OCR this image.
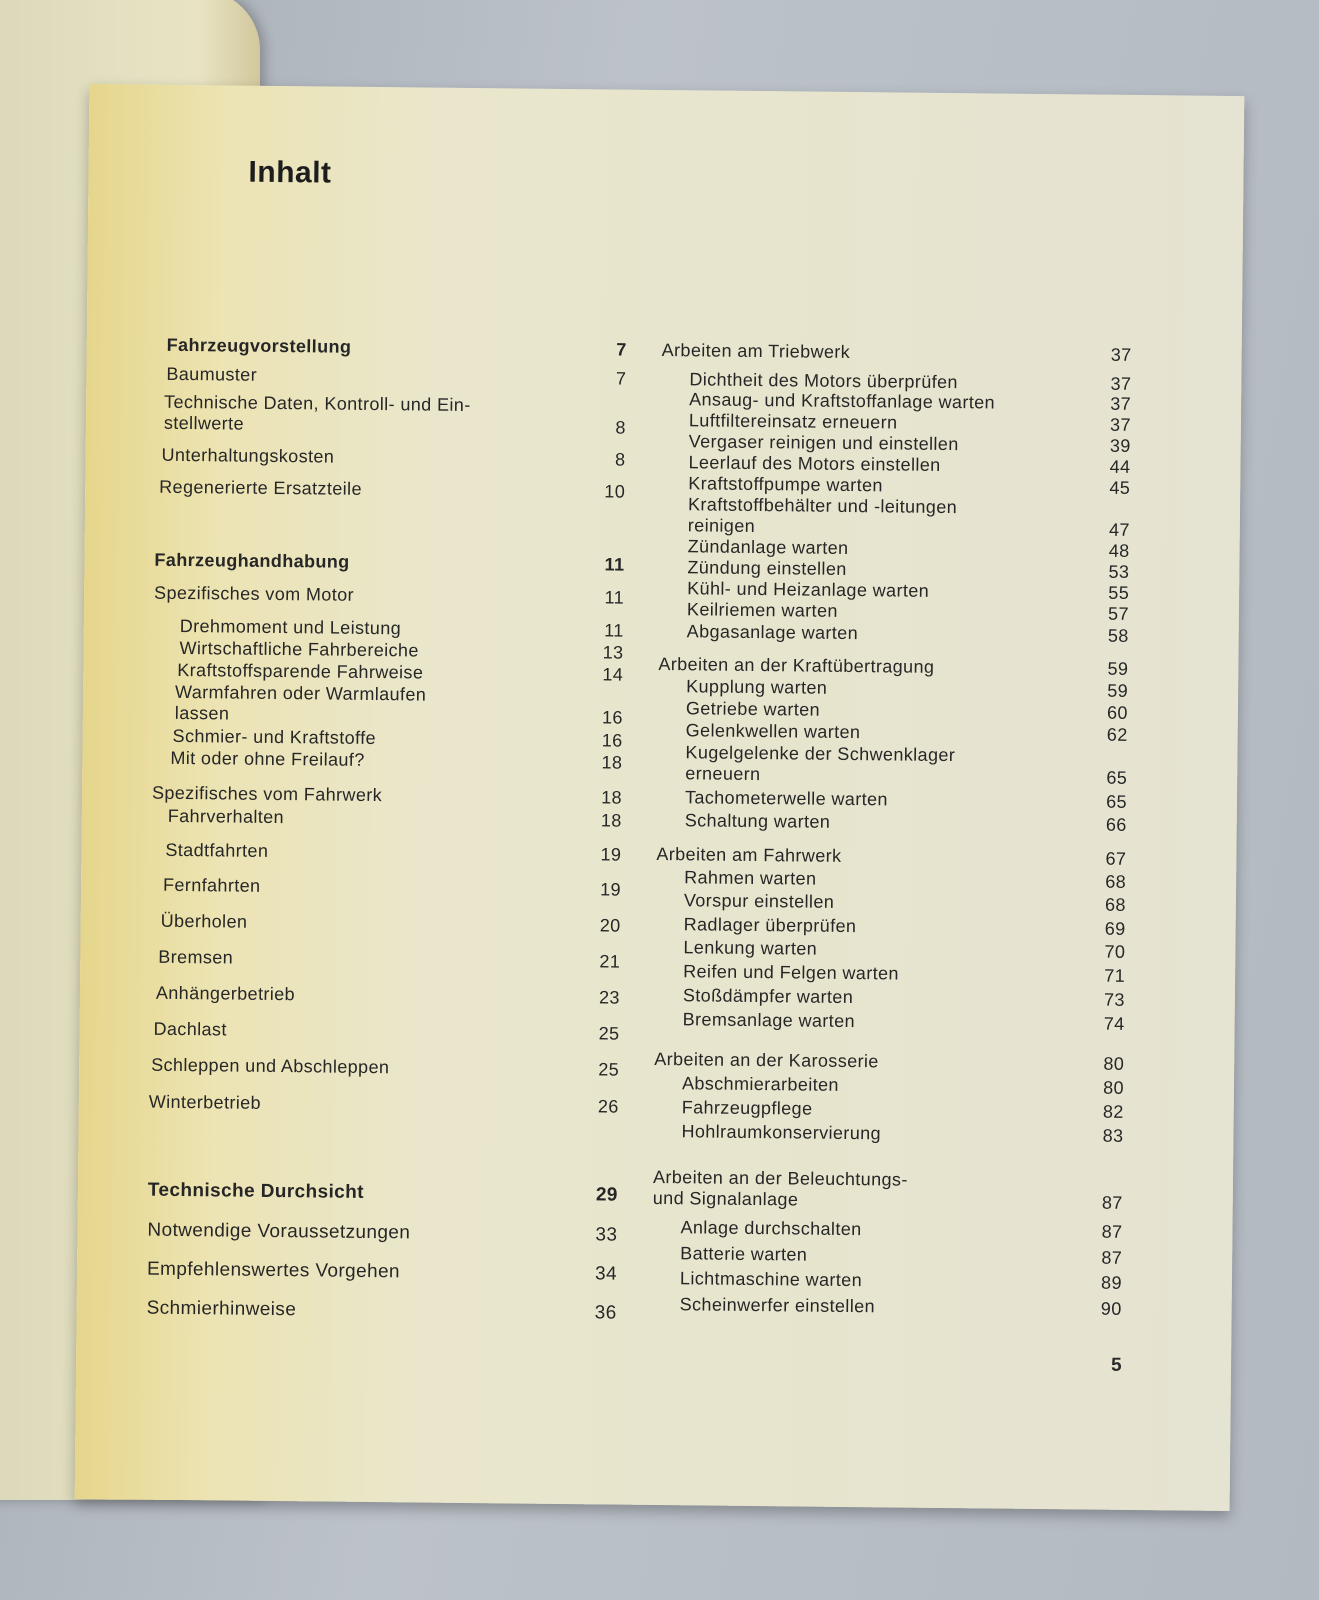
Inhalt
Fahrzeugvorstellung	7
Baumuster	7
Technische Daten, Kontroll- und Ein-
stellwerte	8
Unterhaltungskosten	8
Regenerierte Ersatzteile	10
Fahrzeughandhabung	11
Spezifisches vom Motor	11
Drehmoment und Leistung	11
Wirtschaftliche Fahrbereiche	13
Kraftstoffsparende Fahrweise	14
Warmfahren oder Warmlaufen
lassen	16
Schmier- und Kraftstoffe	16
Mit oder ohne Freilauf?	18
Spezifisches vom Fahrwerk	18
Fahrverhalten	18
Stadtfahrten	19
Fernfahrten	19
Überholen	20
Bremsen	21
Anhängerbetrieb	23
Dachlast	25
Schleppen und Abschleppen	25
Winterbetrieb	26
Technische Durchsicht	29
Notwendige Voraussetzungen	33
Empfehlenswertes Vorgehen	34
Schmierhinweise	36
Arbeiten am Triebwerk	37
Dichtheit des Motors überprüfen	37
Ansaug- und Kraftstoffanlage warten	37
Luftfiltereinsatz erneuern	37
Vergaser reinigen und einstellen	39
Leerlauf des Motors einstellen	44
Kraftstoffpumpe warten	45
Kraftstoffbehälter und -leitungen
reinigen	47
Zündanlage warten	48
Zündung einstellen	53
Kühl- und Heizanlage warten	55
Keilriemen warten	57
Abgasanlage warten	58
Arbeiten an der Kraftübertragung	59
Kupplung warten	59
Getriebe warten	60
Gelenkwellen warten	62
Kugelgelenke der Schwenklager
erneuern	65
Tachometerwelle warten	65
Schaltung warten	66
Arbeiten am Fahrwerk	67
Rahmen warten	68
Vorspur einstellen	68
Radlager überprüfen	69
Lenkung warten	70
Reifen und Felgen warten	71
Stoßdämpfer warten	73
Bremsanlage warten	74
Arbeiten an der Karosserie	80
Abschmierarbeiten	80
Fahrzeugpflege	82
Hohlraumkonservierung	83
Arbeiten an der Beleuchtungs-
und Signalanlage	87
Anlage durchschalten	87
Batterie warten	87
Lichtmaschine warten	89
Scheinwerfer einstellen	90
5
